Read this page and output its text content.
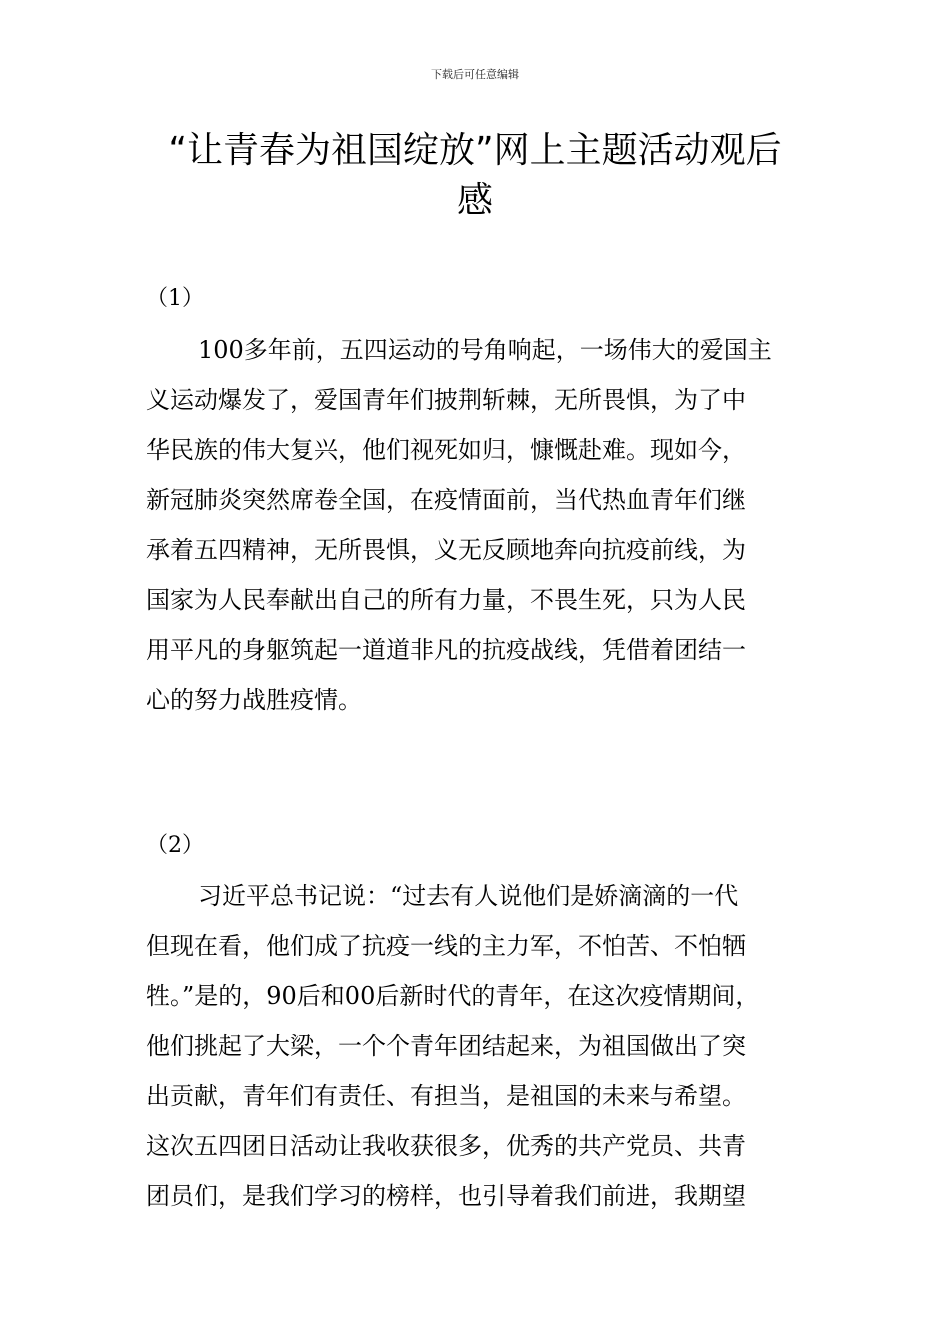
下载后可任意编辑
“让青春为祖国绽放”网上主题活动观后
感
（1）
100多年前，五四运动的号角响起，一场伟大的爱国主
义运动爆发了，爱国青年们披荆斩棘，无所畏惧，为了中
华民族的伟大复兴，他们视死如归，慷慨赴难。现如今，
新冠肺炎突然席卷全国，在疫情面前，当代热血青年们继
承着五四精神，无所畏惧，义无反顾地奔向抗疫前线，为
国家为人民奉献出自己的所有力量，不畏生死，只为人民
用平凡的身躯筑起一道道非凡的抗疫战线，凭借着团结一
心的努力战胜疫情。
（2）
习近平总书记说：“过去有人说他们是娇滴滴的一代
但现在看，他们成了抗疫一线的主力军，不怕苦、不怕牺
牲。”是的，90后和00后新时代的青年，在这次疫情期间，
他们挑起了大梁，一个个青年团结起来，为祖国做出了突
出贡献，青年们有责任、有担当，是祖国的未来与希望。
这次五四团日活动让我收获很多，优秀的共产党员、共青
团员们，是我们学习的榜样，也引导着我们前进，我期望
